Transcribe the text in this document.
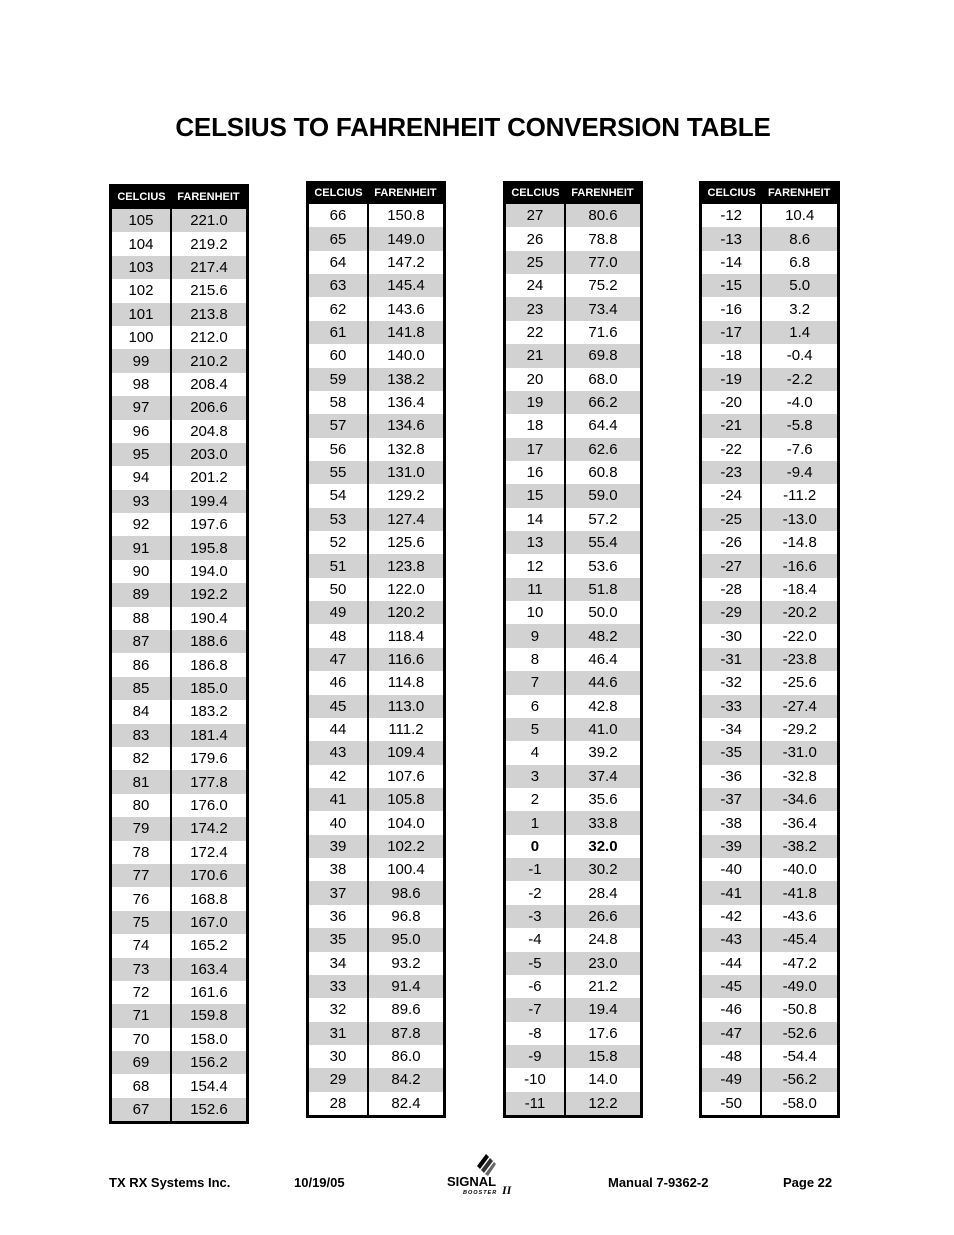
CELSIUS TO FAHRENHEIT CONVERSION TABLE
CELCIUS	FARENHEIT
105	221.0
104	219.2
103	217.4
102	215.6
101	213.8
100	212.0
99	210.2
98	208.4
97	206.6
96	204.8
95	203.0
94	201.2
93	199.4
92	197.6
91	195.8
90	194.0
89	192.2
88	190.4
87	188.6
86	186.8
85	185.0
84	183.2
83	181.4
82	179.6
81	177.8
80	176.0
79	174.2
78	172.4
77	170.6
76	168.8
75	167.0
74	165.2
73	163.4
72	161.6
71	159.8
70	158.0
69	156.2
68	154.4
67	152.6
CELCIUS	FARENHEIT
66	150.8
65	149.0
64	147.2
63	145.4
62	143.6
61	141.8
60	140.0
59	138.2
58	136.4
57	134.6
56	132.8
55	131.0
54	129.2
53	127.4
52	125.6
51	123.8
50	122.0
49	120.2
48	118.4
47	116.6
46	114.8
45	113.0
44	111.2
43	109.4
42	107.6
41	105.8
40	104.0
39	102.2
38	100.4
37	98.6
36	96.8
35	95.0
34	93.2
33	91.4
32	89.6
31	87.8
30	86.0
29	84.2
28	82.4
CELCIUS	FARENHEIT
27	80.6
26	78.8
25	77.0
24	75.2
23	73.4
22	71.6
21	69.8
20	68.0
19	66.2
18	64.4
17	62.6
16	60.8
15	59.0
14	57.2
13	55.4
12	53.6
11	51.8
10	50.0
9	48.2
8	46.4
7	44.6
6	42.8
5	41.0
4	39.2
3	37.4
2	35.6
1	33.8
0	32.0
-1	30.2
-2	28.4
-3	26.6
-4	24.8
-5	23.0
-6	21.2
-7	19.4
-8	17.6
-9	15.8
-10	14.0
-11	12.2
CELCIUS	FARENHEIT
-12	10.4
-13	8.6
-14	6.8
-15	5.0
-16	3.2
-17	1.4
-18	-0.4
-19	-2.2
-20	-4.0
-21	-5.8
-22	-7.6
-23	-9.4
-24	-11.2
-25	-13.0
-26	-14.8
-27	-16.6
-28	-18.4
-29	-20.2
-30	-22.0
-31	-23.8
-32	-25.6
-33	-27.4
-34	-29.2
-35	-31.0
-36	-32.8
-37	-34.6
-38	-36.4
-39	-38.2
-40	-40.0
-41	-41.8
-42	-43.6
-43	-45.4
-44	-47.2
-45	-49.0
-46	-50.8
-47	-52.6
-48	-54.4
-49	-56.2
-50	-58.0
TX RX Systems Inc.	10/19/05	SIGNAL
BOOSTER II	Manual 7-9362-2	Page 22
